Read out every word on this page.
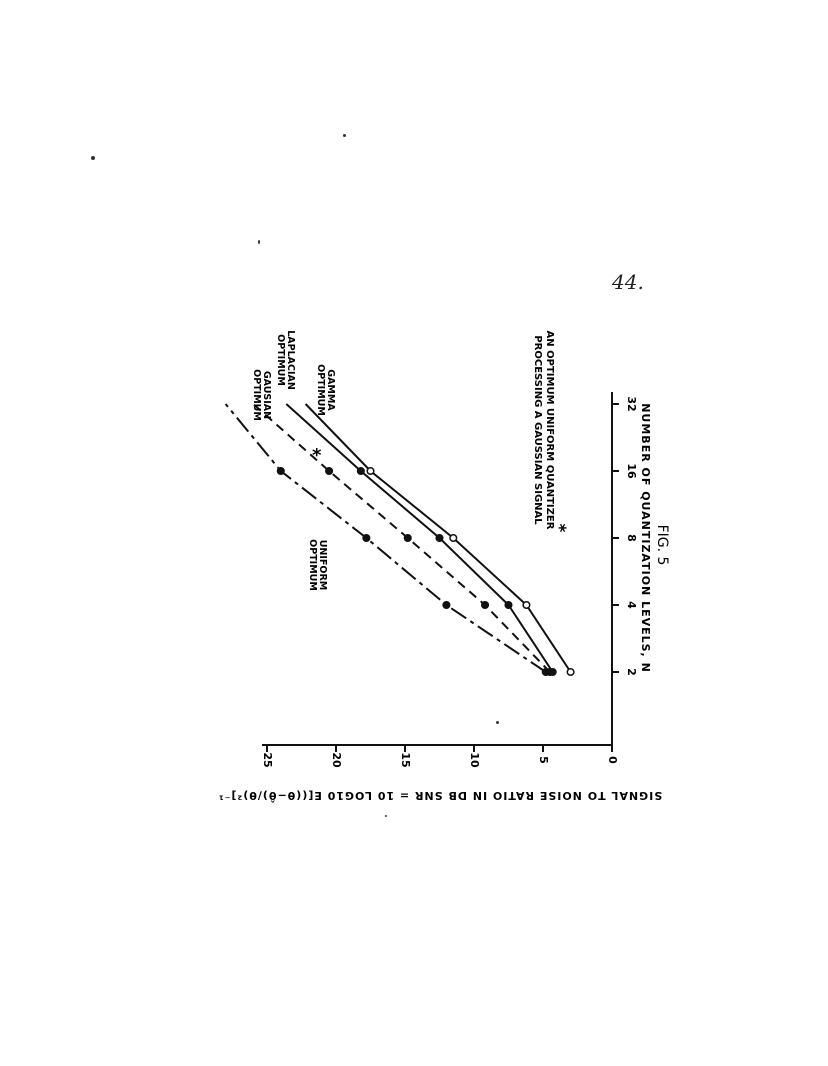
44.
2
4
8
16
32
0
5
10
15
20
25
NUMBER OF QUANTIZATION LEVELS, N FIG. 5
SIGNAL TO NOISE RATIO IN DB SNR = 10 LOG10 E[((θ−θ̂)/θ)²]⁻¹
OPTIMUM UNIFORM
OPTIMUM GAUSIAN
OPTIMUM LAPLACIAN
OPTIMUM GAMMA
*
*
AN OPTIMUM UNIFORM QUANTIZERPROCESSING A GAUSSIAN SIGNAL
